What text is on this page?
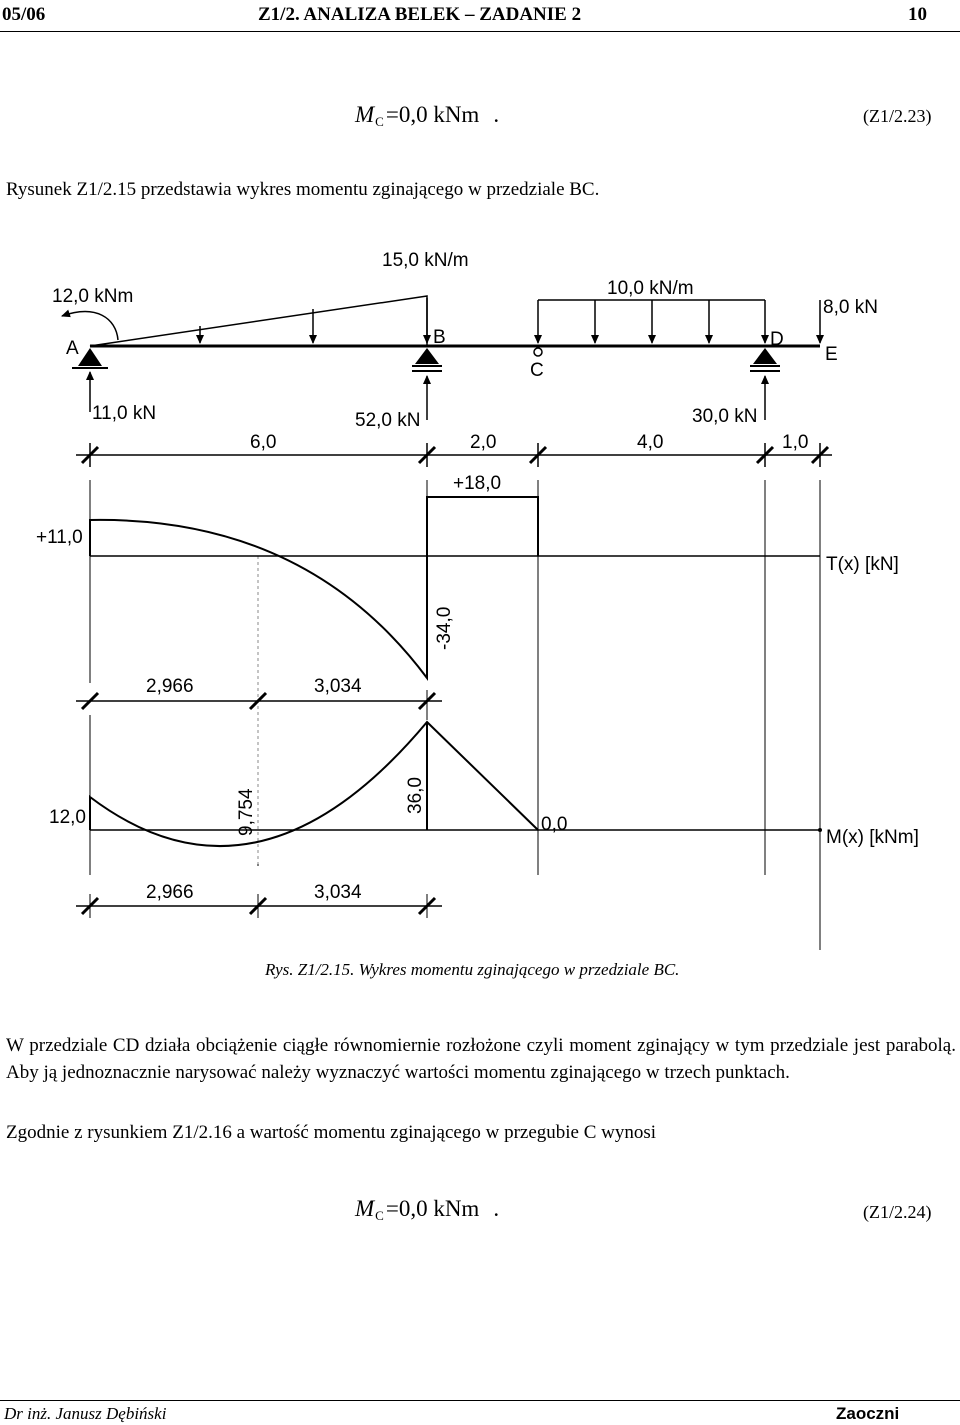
05/06	Z1/2. ANALIZA BELEK – ZADANIE 2	10
$M_C=0,0$ kNm .	(Z1/2.23)
Rysunek Z1/2.15 przedstawia wykres momentu zginającego w przedziale BC.
12,0 kNm
15,0 kN/m
10,0 kN/m
8,0 kN
A
B
C
D
E
11,0 kN	52,0 kN	30,0 kN
6,0	2,0	4,0	1,0
+11,0
+18,0
-34,0
T(x) [kN]
2,966	3,034
12,0	9,754	36,0
0,0
M(x) [kNm]
2,966	3,034
Rys. Z1/2.15. Wykres momentu zginającego w przedziale BC.
W przedziale CD działa obciążenie ciągłe równomiernie rozłożone czyli moment zginający w tym przedziale jest parabolą. Aby ją jednoznacznie narysować należy wyznaczyć wartości momentu zginającego w trzech punktach.
Zgodnie z rysunkiem Z1/2.16 a wartość momentu zginającego w przegubie C wynosi
$M_C=0,0$ kNm .	(Z1/2.24)
Dr inż. Janusz Dębiński	Zaoczni
